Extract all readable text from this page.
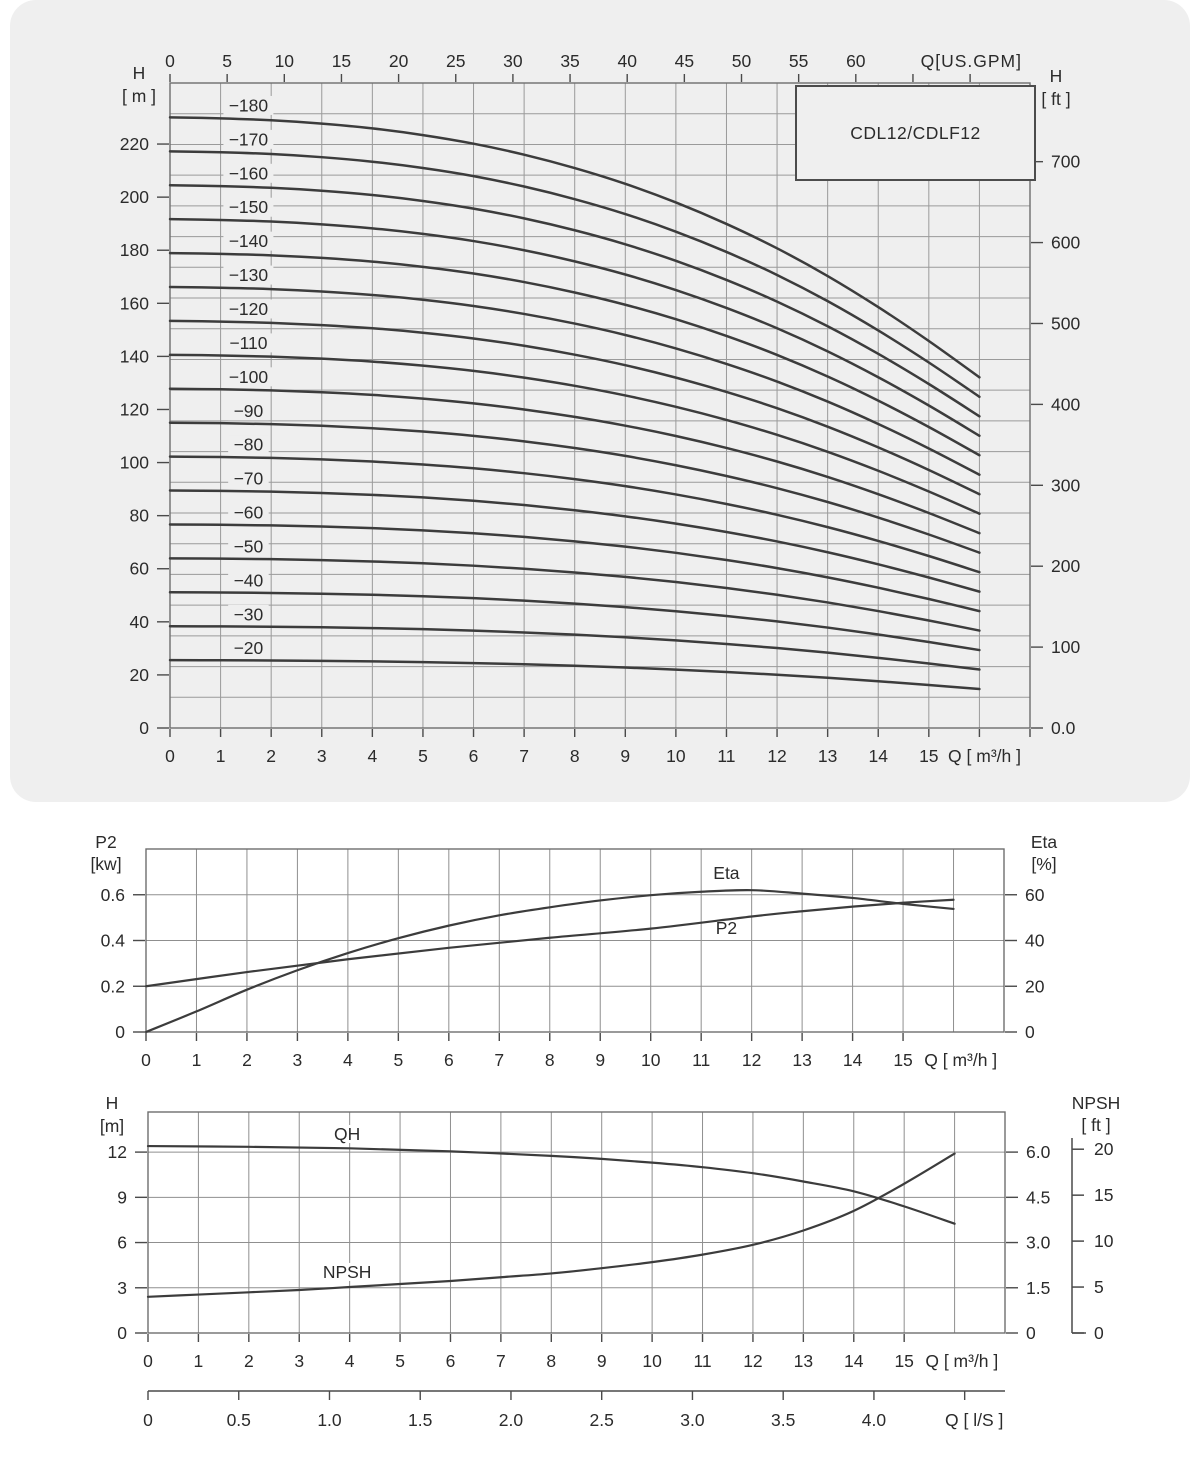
0 1 2 3 4 5 6 7 8 9 10 11 12 13 14 15 Q [ m³/h ]
0	5 10 15 20 25 30 35 40 45 50 55 60	Q[US.GPM]
0
20
40
60
80
100
120
140
160
180
200
220
0.0
100
200
300
400
500
600
700
H
[ m ]
H
[ ft ]
−20
−30
−40
−50
−60
−70
−80
−90
−100
−110
−120
−130
−140
−150
−160
−170
−180
0 1 2 3 4 5 6 7 8 9 10 11 12 13 14 15 Q [ m³/h ]
0
0.2
0.4
0.6
0
20
40
60
P2
[kw]
Eta
[%]
Eta
P2
0 1 2 3 4 5 6 7 8 9 10 11 12 13 14 15 Q [ m³/h ]
0
3
6
9
12
0
1.5
3.0
4.5
6.0
H
[m]
NPSH
[ ft ]
QH
NPSH
20
15
10
5
0
0	0.5	1.0	1.5	2.0	2.5	3.0	3.5	4.0	Q [ l/S ]
CDL12/CDLF12
